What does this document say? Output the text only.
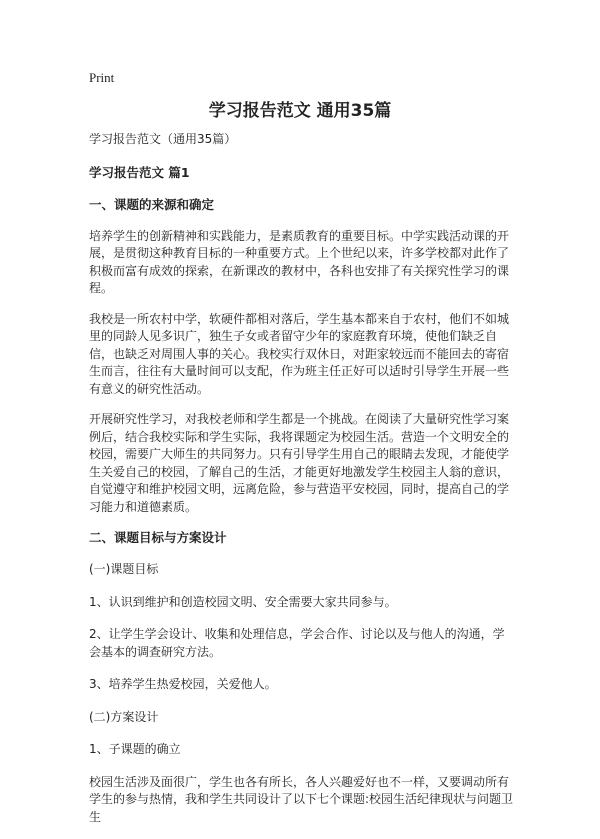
Print
学习报告范文 通用35篇

学习报告范文（通用35篇）

学习报告范文 篇1
一、课题的来源和确定

培养学生的创新精神和实践能力，是素质教育的重要目标。中学实践活动课的开展，是贯彻这种教育目标的一种重要方式。上个世纪以来，许多学校都对此作了积极而富有成效的探索，在新课改的教材中，各科也安排了有关探究性学习的课程。

我校是一所农村中学，软硬件都相对落后，学生基本都来自于农村，他们不如城里的同龄人见多识广，独生子女或者留守少年的家庭教育环境，使他们缺乏自信，也缺乏对周围人事的关心。我校实行双休日，对距家较远而不能回去的寄宿生而言，往往有大量时间可以支配，作为班主任正好可以适时引导学生开展一些有意义的研究性活动。

开展研究性学习，对我校老师和学生都是一个挑战。在阅读了大量研究性学习案例后，结合我校实际和学生实际，我将课题定为校园生活。营造一个文明安全的校园，需要广大师生的共同努力。只有引导学生用自己的眼睛去发现，才能使学生关爱自己的校园，了解自己的生活，才能更好地激发学生校园主人翁的意识，自觉遵守和维护校园文明，远离危险，参与营造平安校园，同时，提高自己的学习能力和道德素质。

二、课题目标与方案设计

(一)课题目标

1、认识到维护和创造校园文明、安全需要大家共同参与。

2、让学生学会设计、收集和处理信息，学会合作、讨论以及与他人的沟通，学会基本的调查研究方法。

3、培养学生热爱校园，关爱他人。

(二)方案设计

1、子课题的确立

校园生活涉及面很广，学生也各有所长，各人兴趣爱好也不一样，又要调动所有学生的参与热情，我和学生共同设计了以下七个课题:校园生活纪律现状与问题卫生
